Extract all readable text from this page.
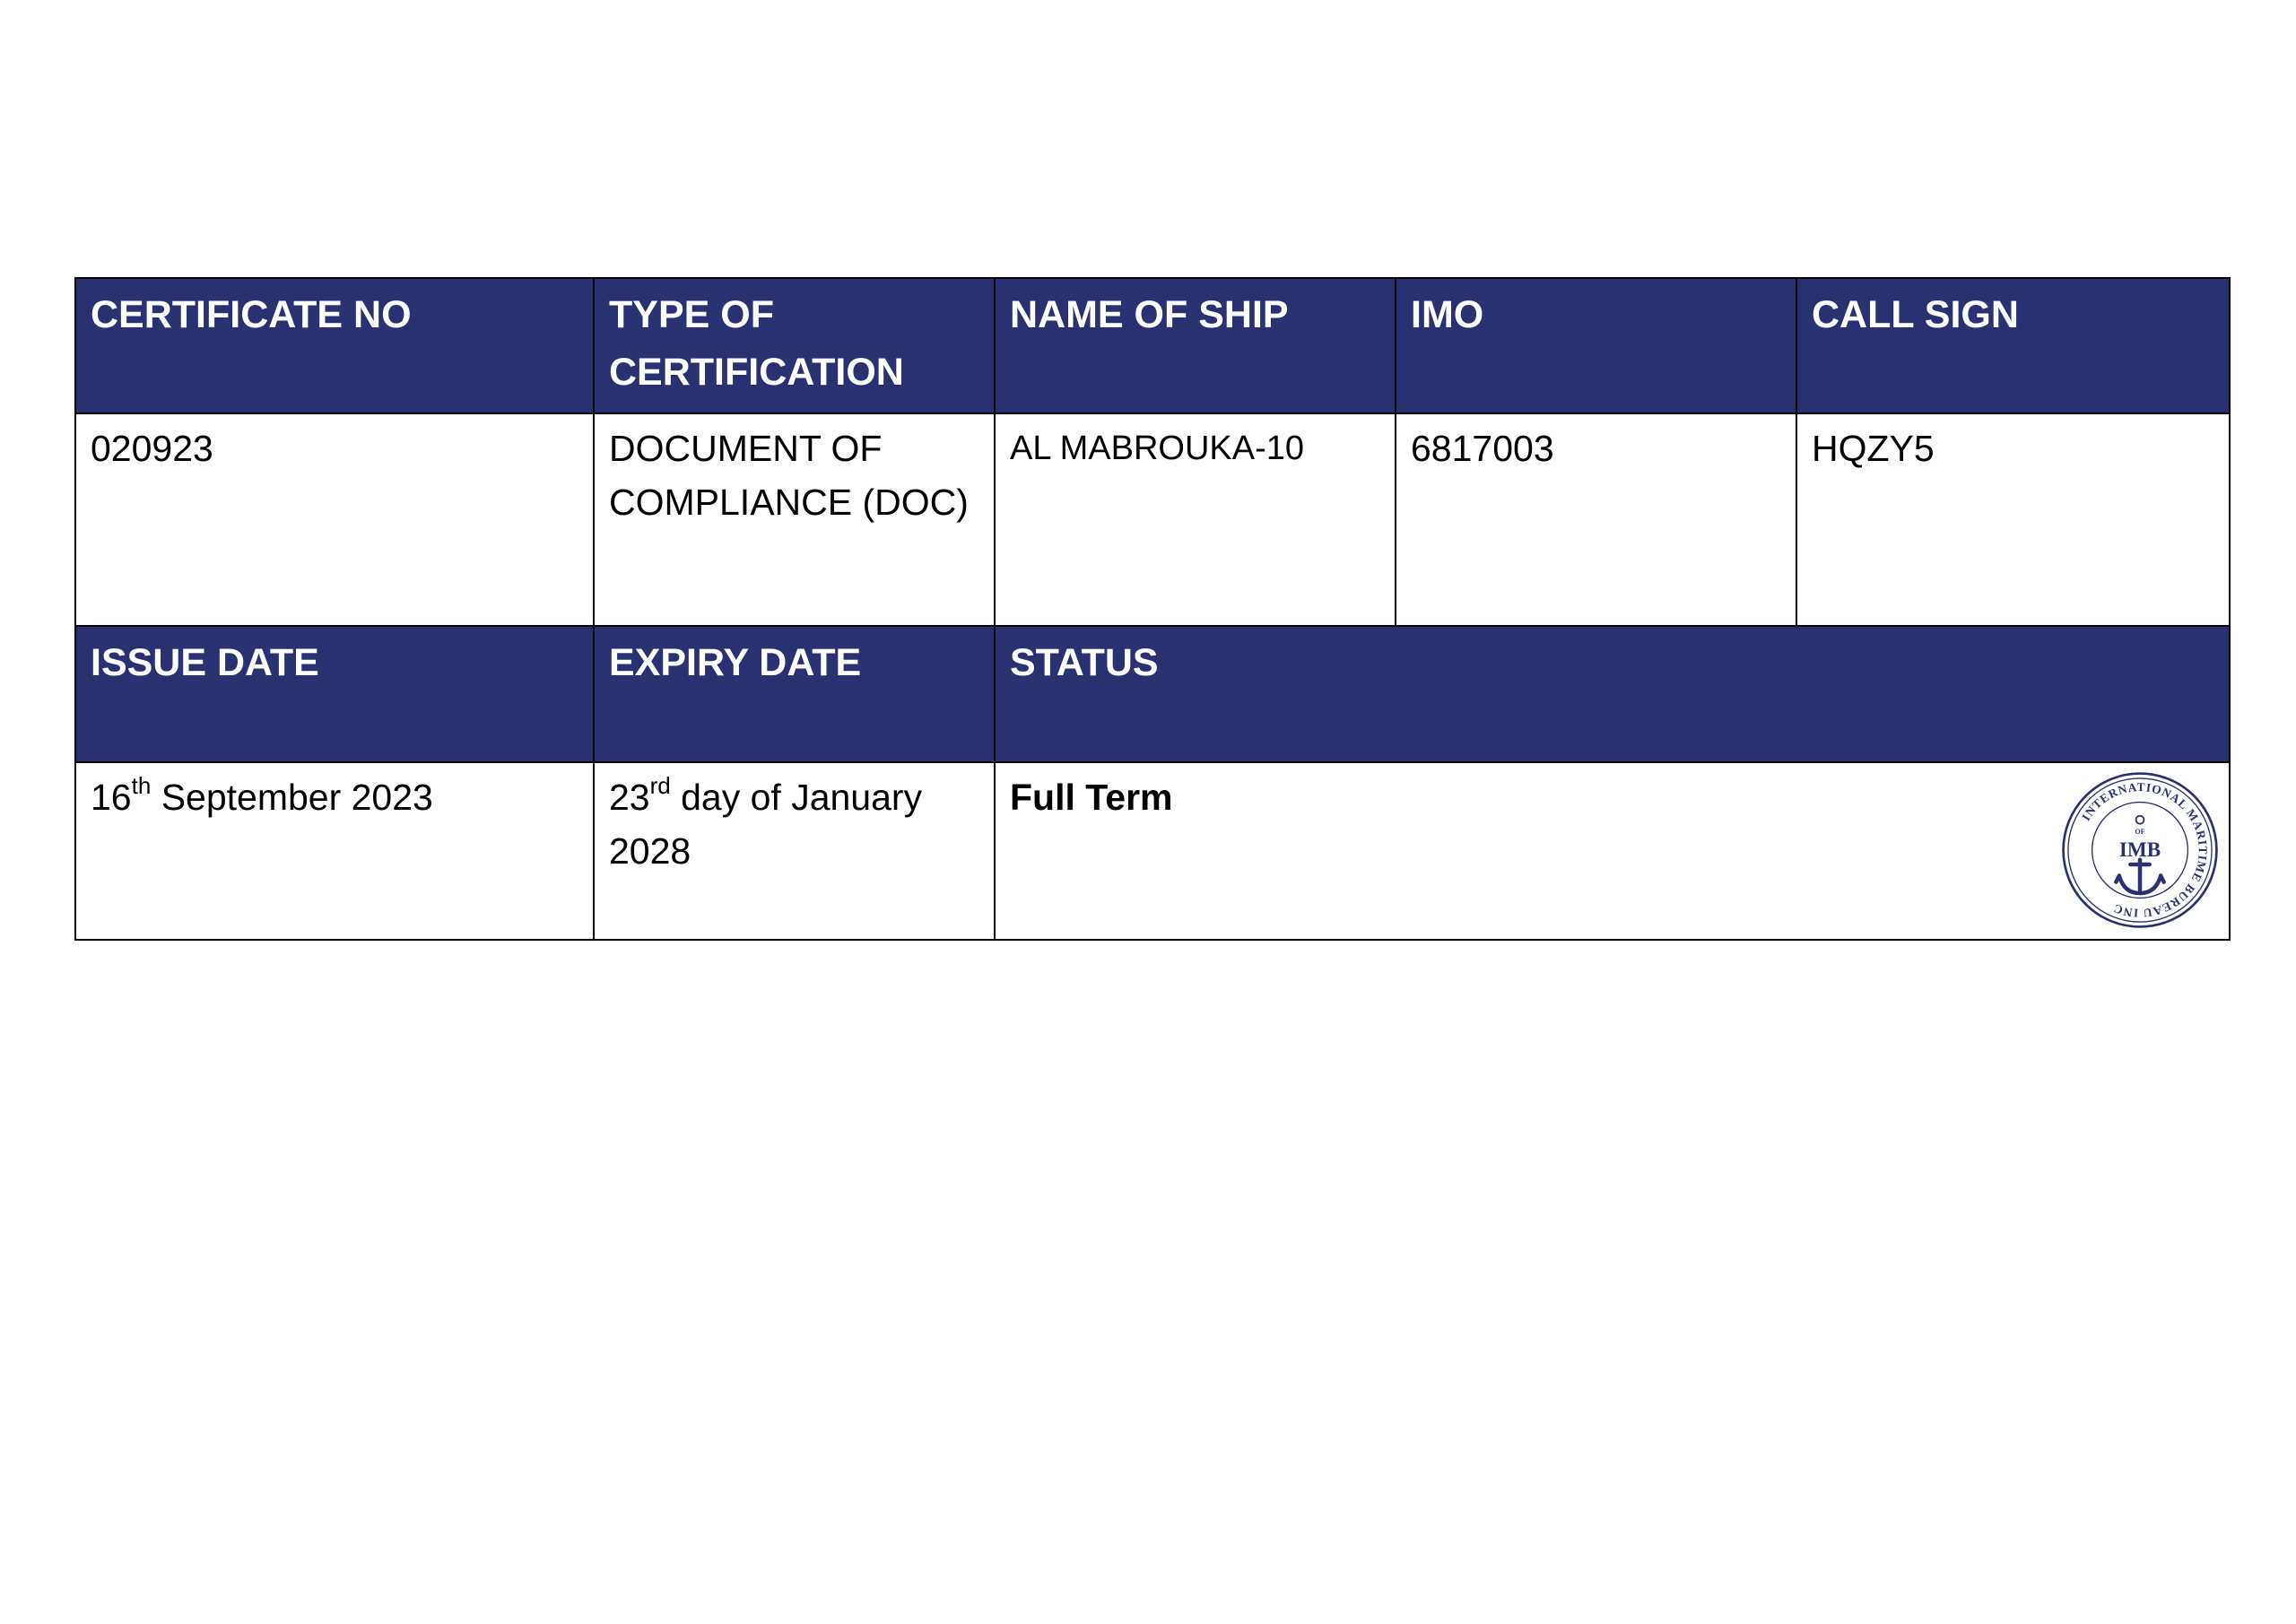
CERTIFICATE NO	TYPE OF CERTIFICATION	NAME OF SHIP	IMO	CALL SIGN
020923	DOCUMENT OF COMPLIANCE (DOC)	AL MABROUKA-10	6817003	HQZY5
ISSUE DATE	EXPIRY DATE	STATUS		
16th September 2023	23rd day of January 2028	Full Term INTERNATIONAL MARITIME BUREAU INC
OF
IMB		
